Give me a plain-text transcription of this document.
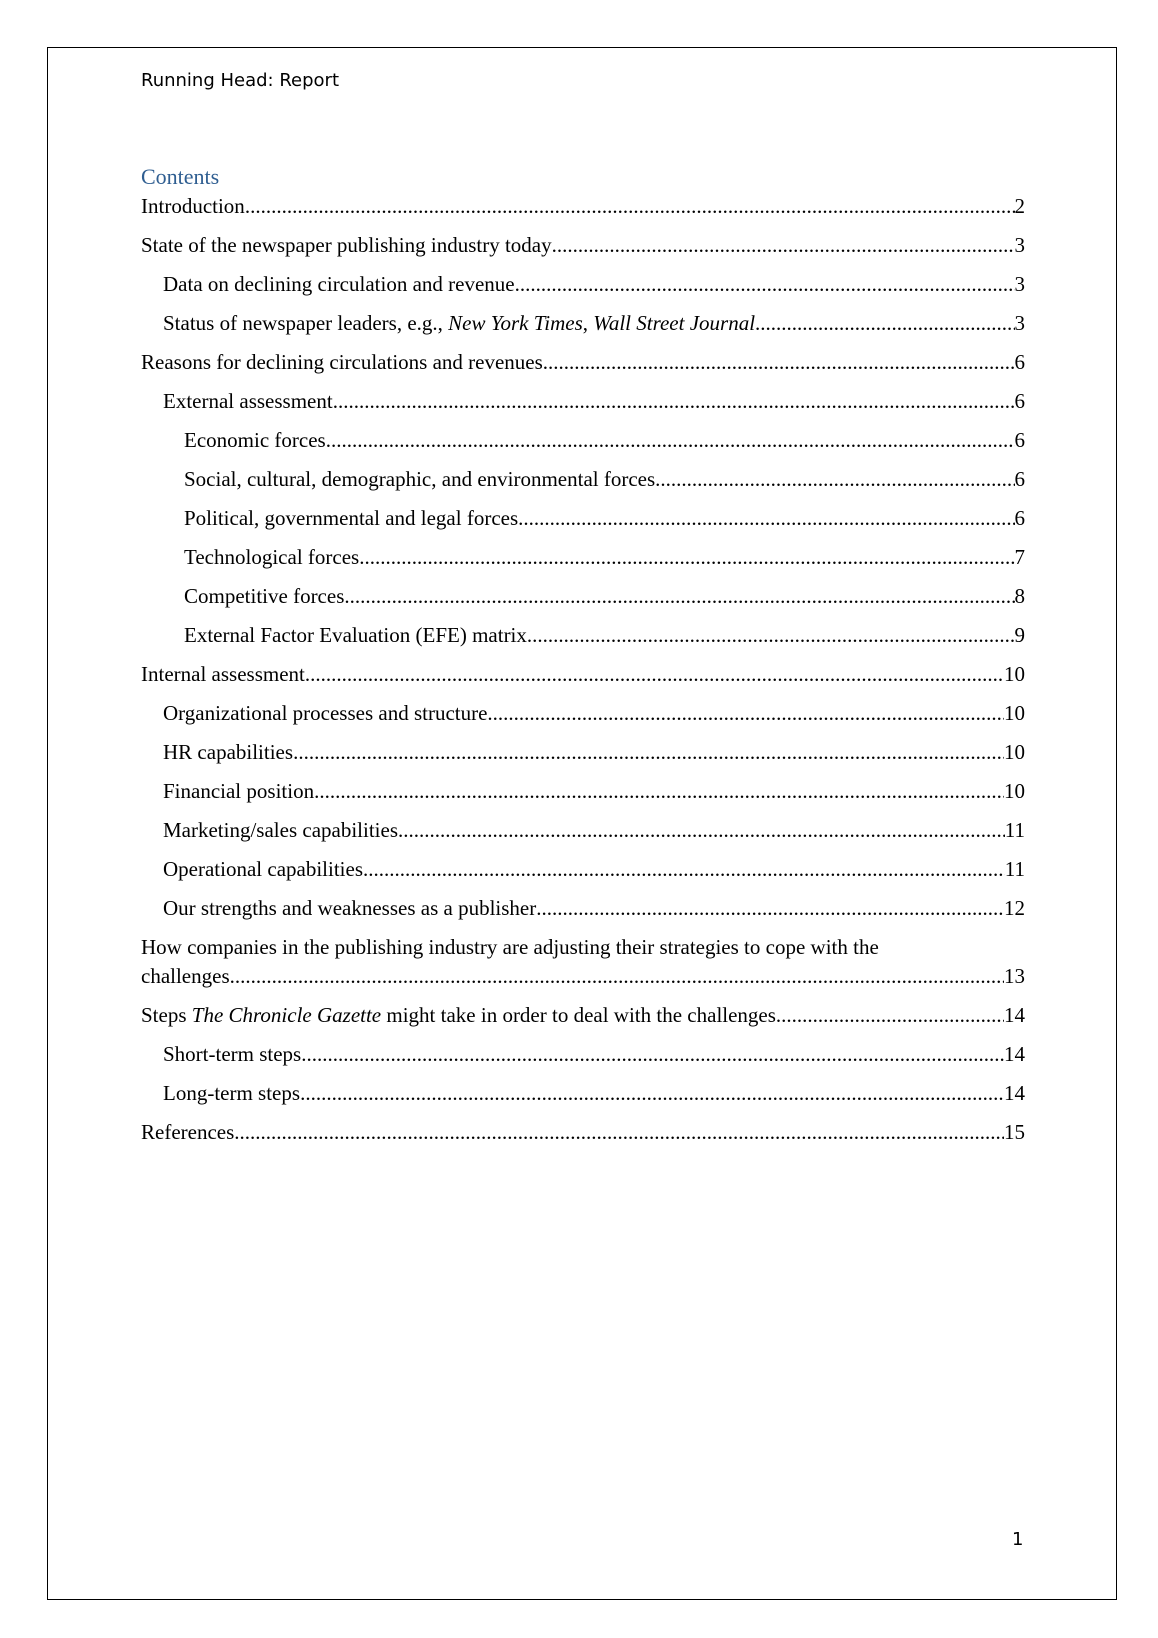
Running Head: Report
Contents
Introduction .....	2
State of the newspaper publishing industry today .....	3
Data on declining circulation and revenue .....	3
Status of newspaper leaders, e.g., New York Times, Wall Street Journal .....	3
Reasons for declining circulations and revenues .....	6
External assessment .....	6
Economic forces .....	6
Social, cultural, demographic, and environmental forces .....	6
Political, governmental and legal forces .....	6
Technological forces .....	7
Competitive forces .....	8
External Factor Evaluation (EFE) matrix .....	9
Internal assessment .....	10
Organizational processes and structure .....	10
HR capabilities .....	10
Financial position .....	10
Marketing/sales capabilities .....	11
Operational capabilities .....	11
Our strengths and weaknesses as a publisher .....	12
How companies in the publishing industry are adjusting their strategies to cope with the
challenges .....	13
Steps The Chronicle Gazette might take in order to deal with the challenges .....	14
Short-term steps .....	14
Long-term steps .....	14
References .....	15
1
